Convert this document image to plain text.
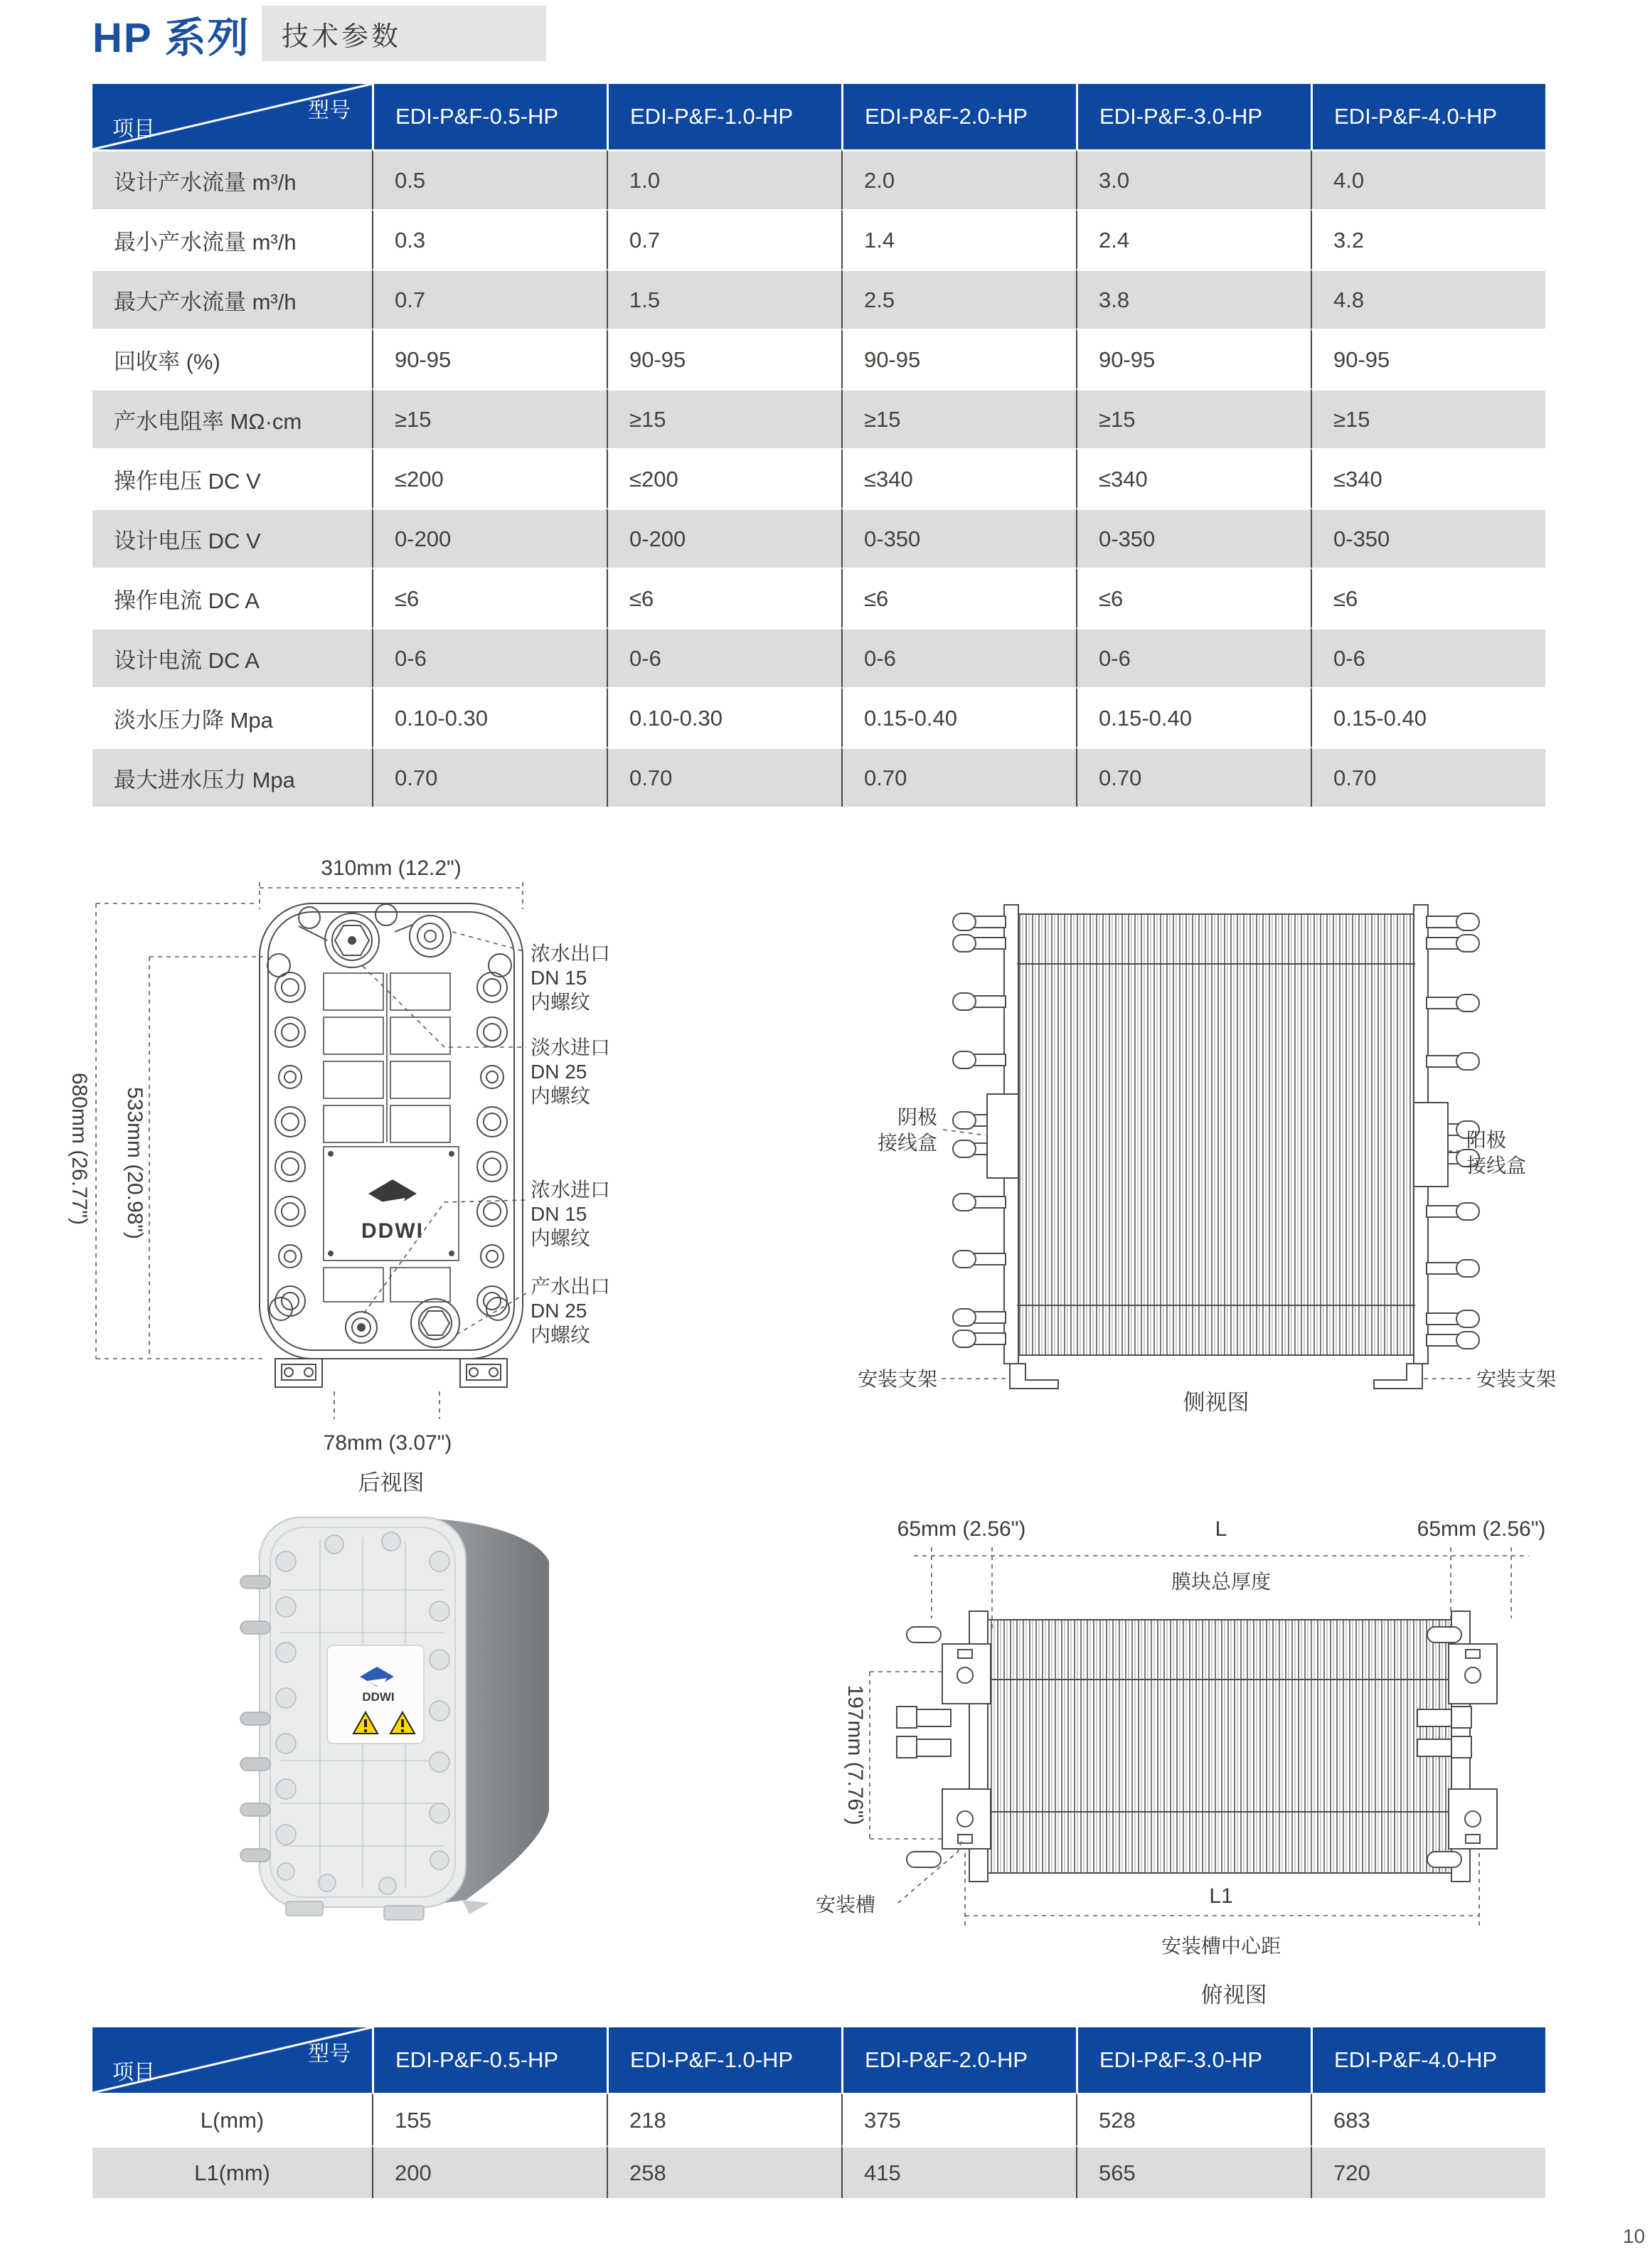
HP 系列	技术参数
型号
项目
EDI-P&F-0.5-HP	EDI-P&F-1.0-HP	EDI-P&F-2.0-HP	EDI-P&F-3.0-HP	EDI-P&F-4.0-HP
设计产水流量 m³/h	0.5	1.0	2.0	3.0	4.0
最小产水流量 m³/h	0.3	0.7	1.4	2.4	3.2
最大产水流量 m³/h	0.7	1.5	2.5	3.8	4.8
回收率 (%)	90-95	90-95	90-95	90-95	90-95
产水电阻率 MΩ·cm	≥15	≥15	≥15	≥15	≥15
操作电压 DC V	≤200	≤200	≤340	≤340	≤340
设计电压 DC V	0-200	0-200	0-350	0-350	0-350
操作电流 DC A	≤6	≤6	≤6	≤6	≤6
设计电流 DC A	0-6	0-6	0-6	0-6	0-6
淡水压力降 Mpa	0.10-0.30	0.10-0.30	0.15-0.40	0.15-0.40	0.15-0.40
最大进水压力 Mpa	0.70	0.70	0.70	0.70	0.70
DDWI
310mm (12.2")
680mm (26.77") 533mm (20.98")
78mm (3.07")
浓水出口
DN 15
内螺纹
淡水进口
DN 25
内螺纹
浓水进口
DN 15
内螺纹
产水出口
DN 25
内螺纹
后视图
阴极
接线盒	阳极
接线盒
安装支架	安装支架
侧视图
DDWI
65mm (2.56")	L	65mm (2.56")
膜块总厚度
197mm (7.76")
安装槽	L1
安装槽中心距
俯视图
型号
项目
EDI-P&F-0.5-HP	EDI-P&F-1.0-HP	EDI-P&F-2.0-HP	EDI-P&F-3.0-HP	EDI-P&F-4.0-HP
L(mm)	155	218	375	528	683
L1(mm)	200	258	415	565	720
10
